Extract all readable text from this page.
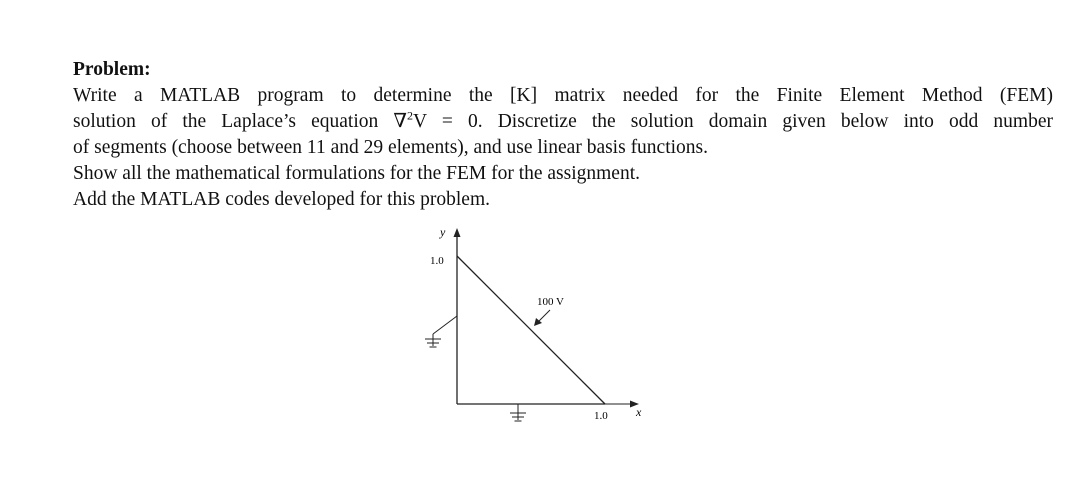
Problem:
Write a MATLAB program to determine the [K] matrix needed for the Finite Element Method (FEM)
solution of the Laplace’s equation ∇$^2$V = 0. Discretize the solution domain given below into odd number
of segments (choose between 11 and 29 elements), and use linear basis functions.
Show all the mathematical formulations for the FEM for the assignment.
Add the MATLAB codes developed for this problem.
y
1.0
x
1.0
100 V
